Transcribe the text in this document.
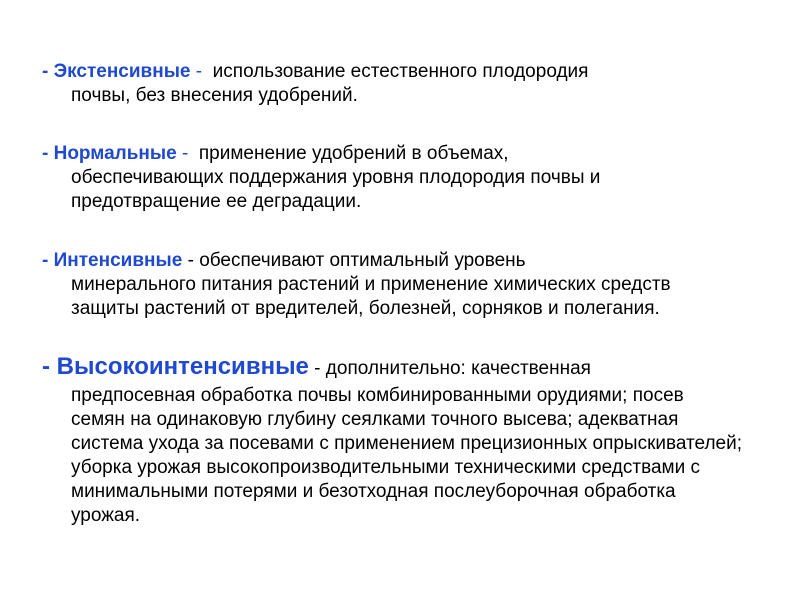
- Экстенсивные - использование естественного плодородия
почвы, без внесения удобрений.
- Нормальные - применение удобрений в объемах,
обеспечивающих поддержания уровня плодородия почвы и предотвращение ее деградации.
- Интенсивные - обеспечивают оптимальный уровень
минерального питания растений и применение химических средств защиты растений от вредителей, болезней, сорняков и полегания.
- Высокоинтенсивные - дополнительно: качественная
предпосевная обработка почвы комбинированными орудиями; посев семян на одинаковую глубину сеялками точного высева; адекватная система ухода за посевами с применением прецизионных опрыскивателей; уборка урожая высокопроизводительными техническими средствами с минимальными потерями и безотходная послеуборочная обработка урожая.
